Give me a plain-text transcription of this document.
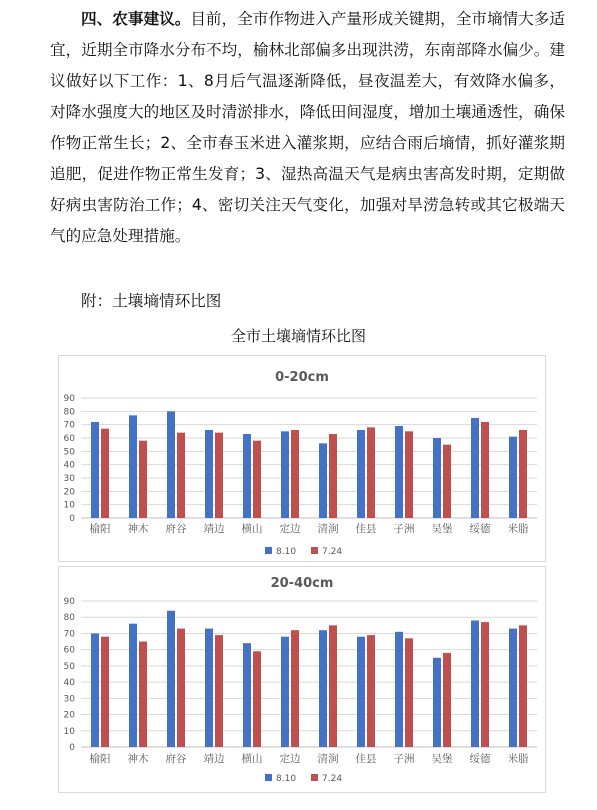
四、农事建议。目前，全市作物进入产量形成关键期，全市墒情大多适宜，近期全市降水分布不均，榆林北部偏多出现洪涝，东南部降水偏少。建议做好以下工作：1、8月后气温逐渐降低，昼夜温差大，有效降水偏多，对降水强度大的地区及时清淤排水，降低田间湿度，增加土壤通透性，确保作物正常生长；2、全市春玉米进入灌浆期，应结合雨后墒情，抓好灌浆期追肥，促进作物正常生发育；3、湿热高温天气是病虫害高发时期，定期做好病虫害防治工作；4、密切关注天气变化，加强对旱涝急转或其它极端天气的应急处理措施。

附：土壤墒情环比图
全市土壤墒情环比图
0-20cm
0
10
20
30
40
50
60
70
80
90
榆阳 神木 府谷 靖边 横山 定边 清涧 佳县 子洲 吴堡 绥德 米脂
8.10	7.24
20-40cm
0
10
20
30
40
50
60
70
80
90
榆阳 神木 府谷 靖边 横山 定边 清涧 佳县 子洲 吴堡 绥德 米脂
8.10	7.24
